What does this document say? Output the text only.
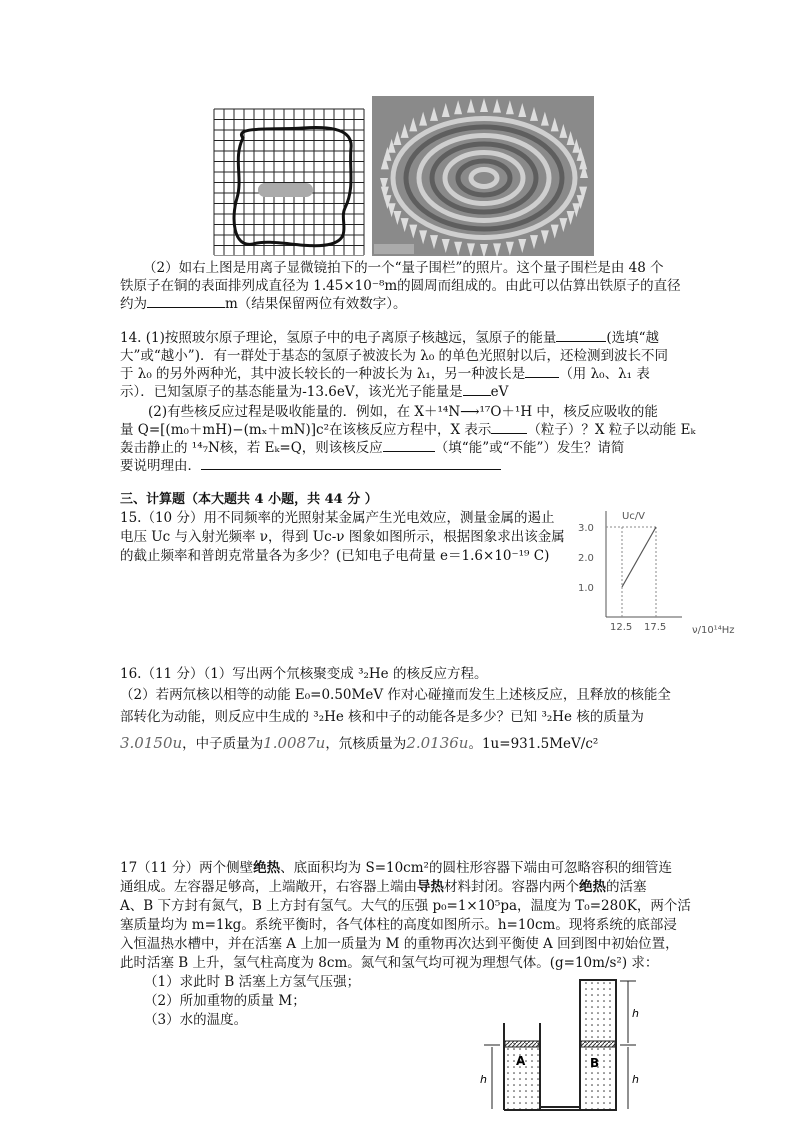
（2）如右上图是用离子显微镜拍下的一个“量子围栏”的照片。这个量子围栏是由 48 个
铁原子在铜的表面排列成直径为 1.45×10⁻⁸m的圆周而组成的。由此可以估算出铁原子的直径
约为	m（结果保留两位有效数字）。
14. (1)按照玻尔原子理论，氢原子中的电子离原子核越远，氢原子的能量	(选填“越
大”或“越小”)．有一群处于基态的氢原子被波长为 λ₀ 的单色光照射以后，还检测到波长不同
于 λ₀ 的另外两种光，其中波长较长的一种波长为 λ₁，另一种波长是	（用 λ₀、λ₁ 表
示）．已知氢原子的基态能量为-13.6eV，该光光子能量是 eV
(2)有些核反应过程是吸收能量的．例如，在 X＋¹⁴N⟶¹⁷O＋¹H 中，核反应吸收的能
量 Q=[(m₀＋mH)−(mₓ＋mN)]c²在该核反应方程中，X 表示	（粒子）？X 粒子以动能 Eₖ
轰击静止的 ¹⁴₇N核，若 Eₖ=Q，则该核反应	（填“能”或“不能”）发生？请简
要说明理由．
三、计算题（本大题共 4 小题，共 44 分 ）
15.（10 分）用不同频率的光照射某金属产生光电效应，测量金属的遏止
电压 Uc 与入射光频率 ν，得到 Uc-ν 图象如图所示，根据图象求出该金属
的截止频率和普朗克常量各为多少？(已知电子电荷量 e＝1.6×10⁻¹⁹ C)
Uc/V
3.0
2.0
1.0
12.5 17.5	ν/10¹⁴Hz
16.（11 分）（1）写出两个氘核聚变成 ³₂He 的核反应方程。
（2）若两氘核以相等的动能 E₀=0.50MeV 作对心碰撞而发生上述核反应，且释放的核能全
部转化为动能，则反应中生成的 ³₂He 核和中子的动能各是多少？已知 ³₂He 核的质量为
3.0150u，中子质量为1.0087u，氘核质量为2.0136u。1u=931.5MeV/c²
17（11 分）两个侧壁绝热、底面积均为 S=10cm²的圆柱形容器下端由可忽略容积的细管连
通组成。左容器足够高，上端敞开，右容器上端由导热材料封闭。容器内两个绝热的活塞
A、B 下方封有氮气，B 上方封有氢气。大气的压强 p₀=1×10⁵pa，温度为 T₀=280K，两个活
塞质量均为 m=1kg。系统平衡时，各气体柱的高度如图所示。h=10cm。现将系统的底部浸
入恒温热水槽中，并在活塞 A 上加一质量为 M 的重物再次达到平衡使 A 回到图中初始位置，
此时活塞 B 上升，氢气柱高度为 8cm。氮气和氢气均可视为理想气体。(g=10m/s²) 求：
（1）求此时 B 活塞上方氢气压强；
（2）所加重物的质量 M；
（3）水的温度。
A	B
h
h
h
